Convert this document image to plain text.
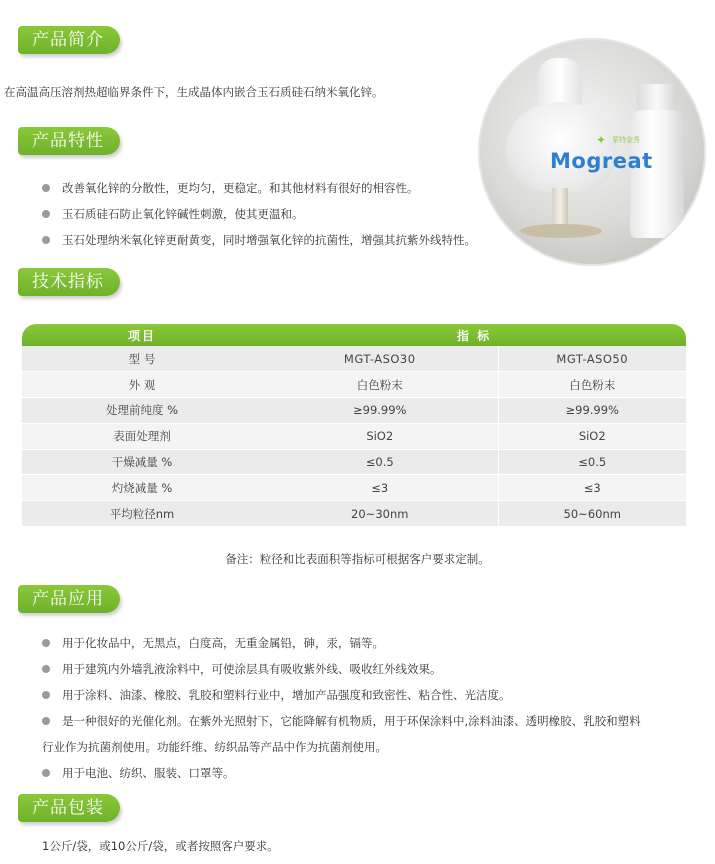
产品简介
在高温高压溶剂热超临界条件下，生成晶体内嵌合玉石质硅石纳米氧化锌。
✦ 蒙特金秀
Mogreat
产品特性
改善氧化锌的分散性，更均匀，更稳定。和其他材料有很好的相容性。
玉石质硅石防止氧化锌碱性刺激，使其更温和。
玉石处理纳米氧化锌更耐黄变，同时增强氧化锌的抗菌性，增强其抗紫外线特性。
技术指标
项目	指 标	
型 号	MGT-ASO30	MGT-ASO50
外 观	白色粉末	白色粉末
处理前纯度 %	≥99.99%	≥99.99%
表面处理剂	SiO2	SiO2
干燥减量 %	≤0.5	≤0.5
灼烧减量 %	≤3	≤3
平均粒径nm	20~30nm	50~60nm
备注：粒径和比表面积等指标可根据客户要求定制。
产品应用
用于化妆品中，无黑点，白度高，无重金属铅，砷，汞，镉等。
用于建筑内外墙乳液涂料中，可使涂层具有吸收紫外线、吸收红外线效果。
用于涂料、油漆、橡胶、乳胶和塑料行业中，增加产品强度和致密性、粘合性、光洁度。
是一种很好的光催化剂。在紫外光照射下，它能降解有机物质，用于环保涂料中,涂料油漆、透明橡胶、乳胶和塑料
行业作为抗菌剂使用。功能纤维、纺织品等产品中作为抗菌剂使用。
用于电池、纺织、服装、口罩等。
产品包装
1公斤/袋，或10公斤/袋，或者按照客户要求。
